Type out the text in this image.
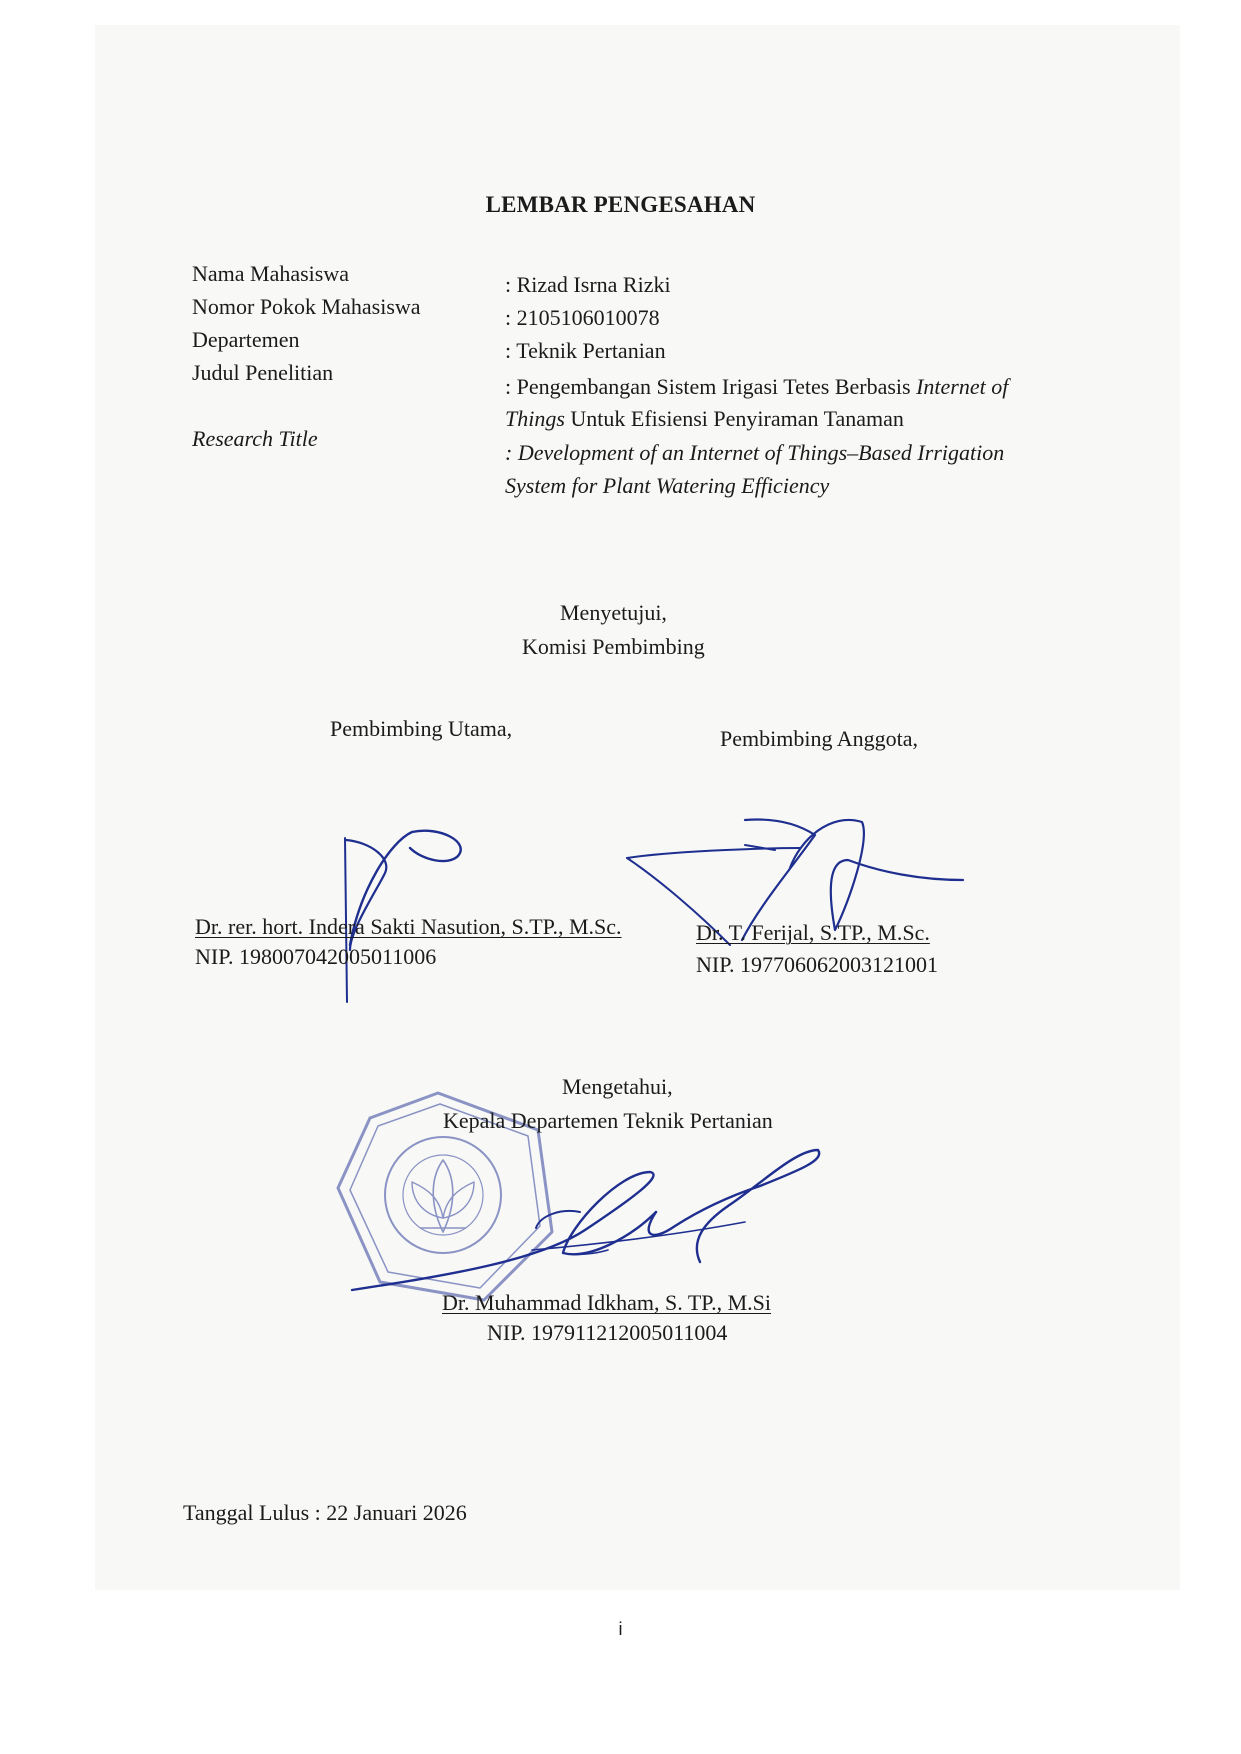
LEMBAR PENGESAHAN
Nama Mahasiswa
Nomor Pokok Mahasiswa
Departemen
Judul Penelitian
Research Title
: Rizad Isrna Rizki
: 2105106010078
: Teknik Pertanian
: Pengembangan Sistem Irigasi Tetes Berbasis Internet of
Things Untuk Efisiensi Penyiraman Tanaman
: Development of an Internet of Things–Based Irrigation
System for Plant Watering Efficiency
Menyetujui,
Komisi Pembimbing
Pembimbing Utama,	Pembimbing Anggota,
Dr. rer. hort. Indera Sakti Nasution, S.TP., M.Sc.
NIP. 198007042005011006
Dr. T. Ferijal, S.TP., M.Sc.
NIP. 197706062003121001
Mengetahui,
Kepala Departemen Teknik Pertanian
Dr. Muhammad Idkham, S. TP., M.Si
NIP. 197911212005011004
Tanggal Lulus : 22 Januari 2026
i
